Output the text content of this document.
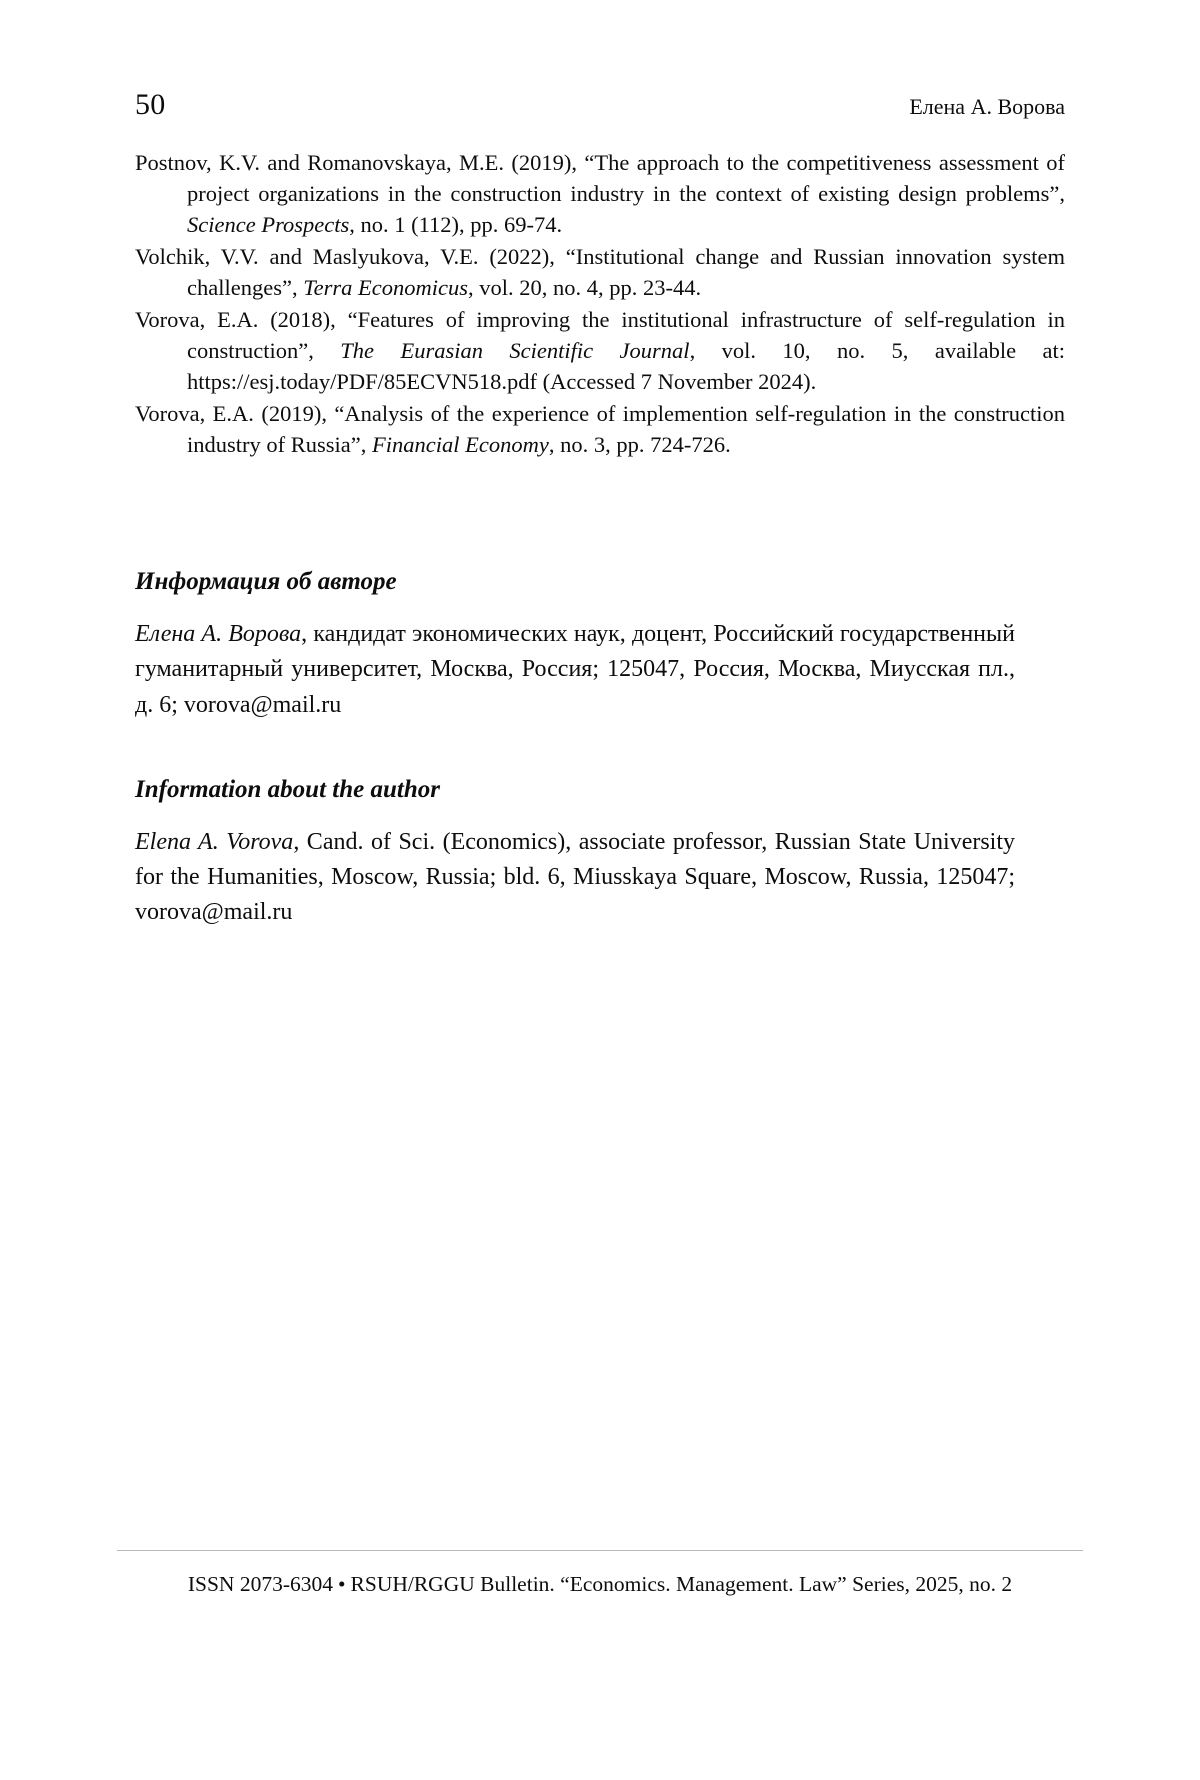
50	Елена А. Ворова

Postnov, K.V. and Romanovskaya, M.E. (2019), “The approach to the competitiveness assessment of project organizations in the construction industry in the context of existing design problems”, Science Prospects, no. 1 (112), pp. 69-74.

Volchik, V.V. and Maslyukova, V.E. (2022), “Institutional change and Russian innovation system challenges”, Terra Economicus, vol. 20, no. 4, pp. 23-44.

Vorova, E.A. (2018), “Features of improving the institutional infrastructure of self-regulation in construction”, The Eurasian Scientific Journal, vol. 10, no. 5, available at: https://esj.today/PDF/85ECVN518.pdf (Accessed 7 November 2024).

Vorova, E.A. (2019), “Analysis of the experience of implemention self-regulation in the construction industry of Russia”, Financial Economy, no. 3, pp. 724-726.

Информация об авторе

Елена А. Ворова, кандидат экономических наук, доцент, Российский государственный гуманитарный университет, Москва, Россия; 125047, Россия, Москва, Миусская пл., д. 6; vorova@mail.ru

Information about the author

Elena A. Vorova, Cand. of Sci. (Economics), associate professor, Russian State University for the Humanities, Moscow, Russia; bld. 6, Miusskaya Square, Moscow, Russia, 125047; vorova@mail.ru

ISSN 2073-6304 • RSUH/RGGU Bulletin. “Economics. Management. Law” Series, 2025, no. 2
